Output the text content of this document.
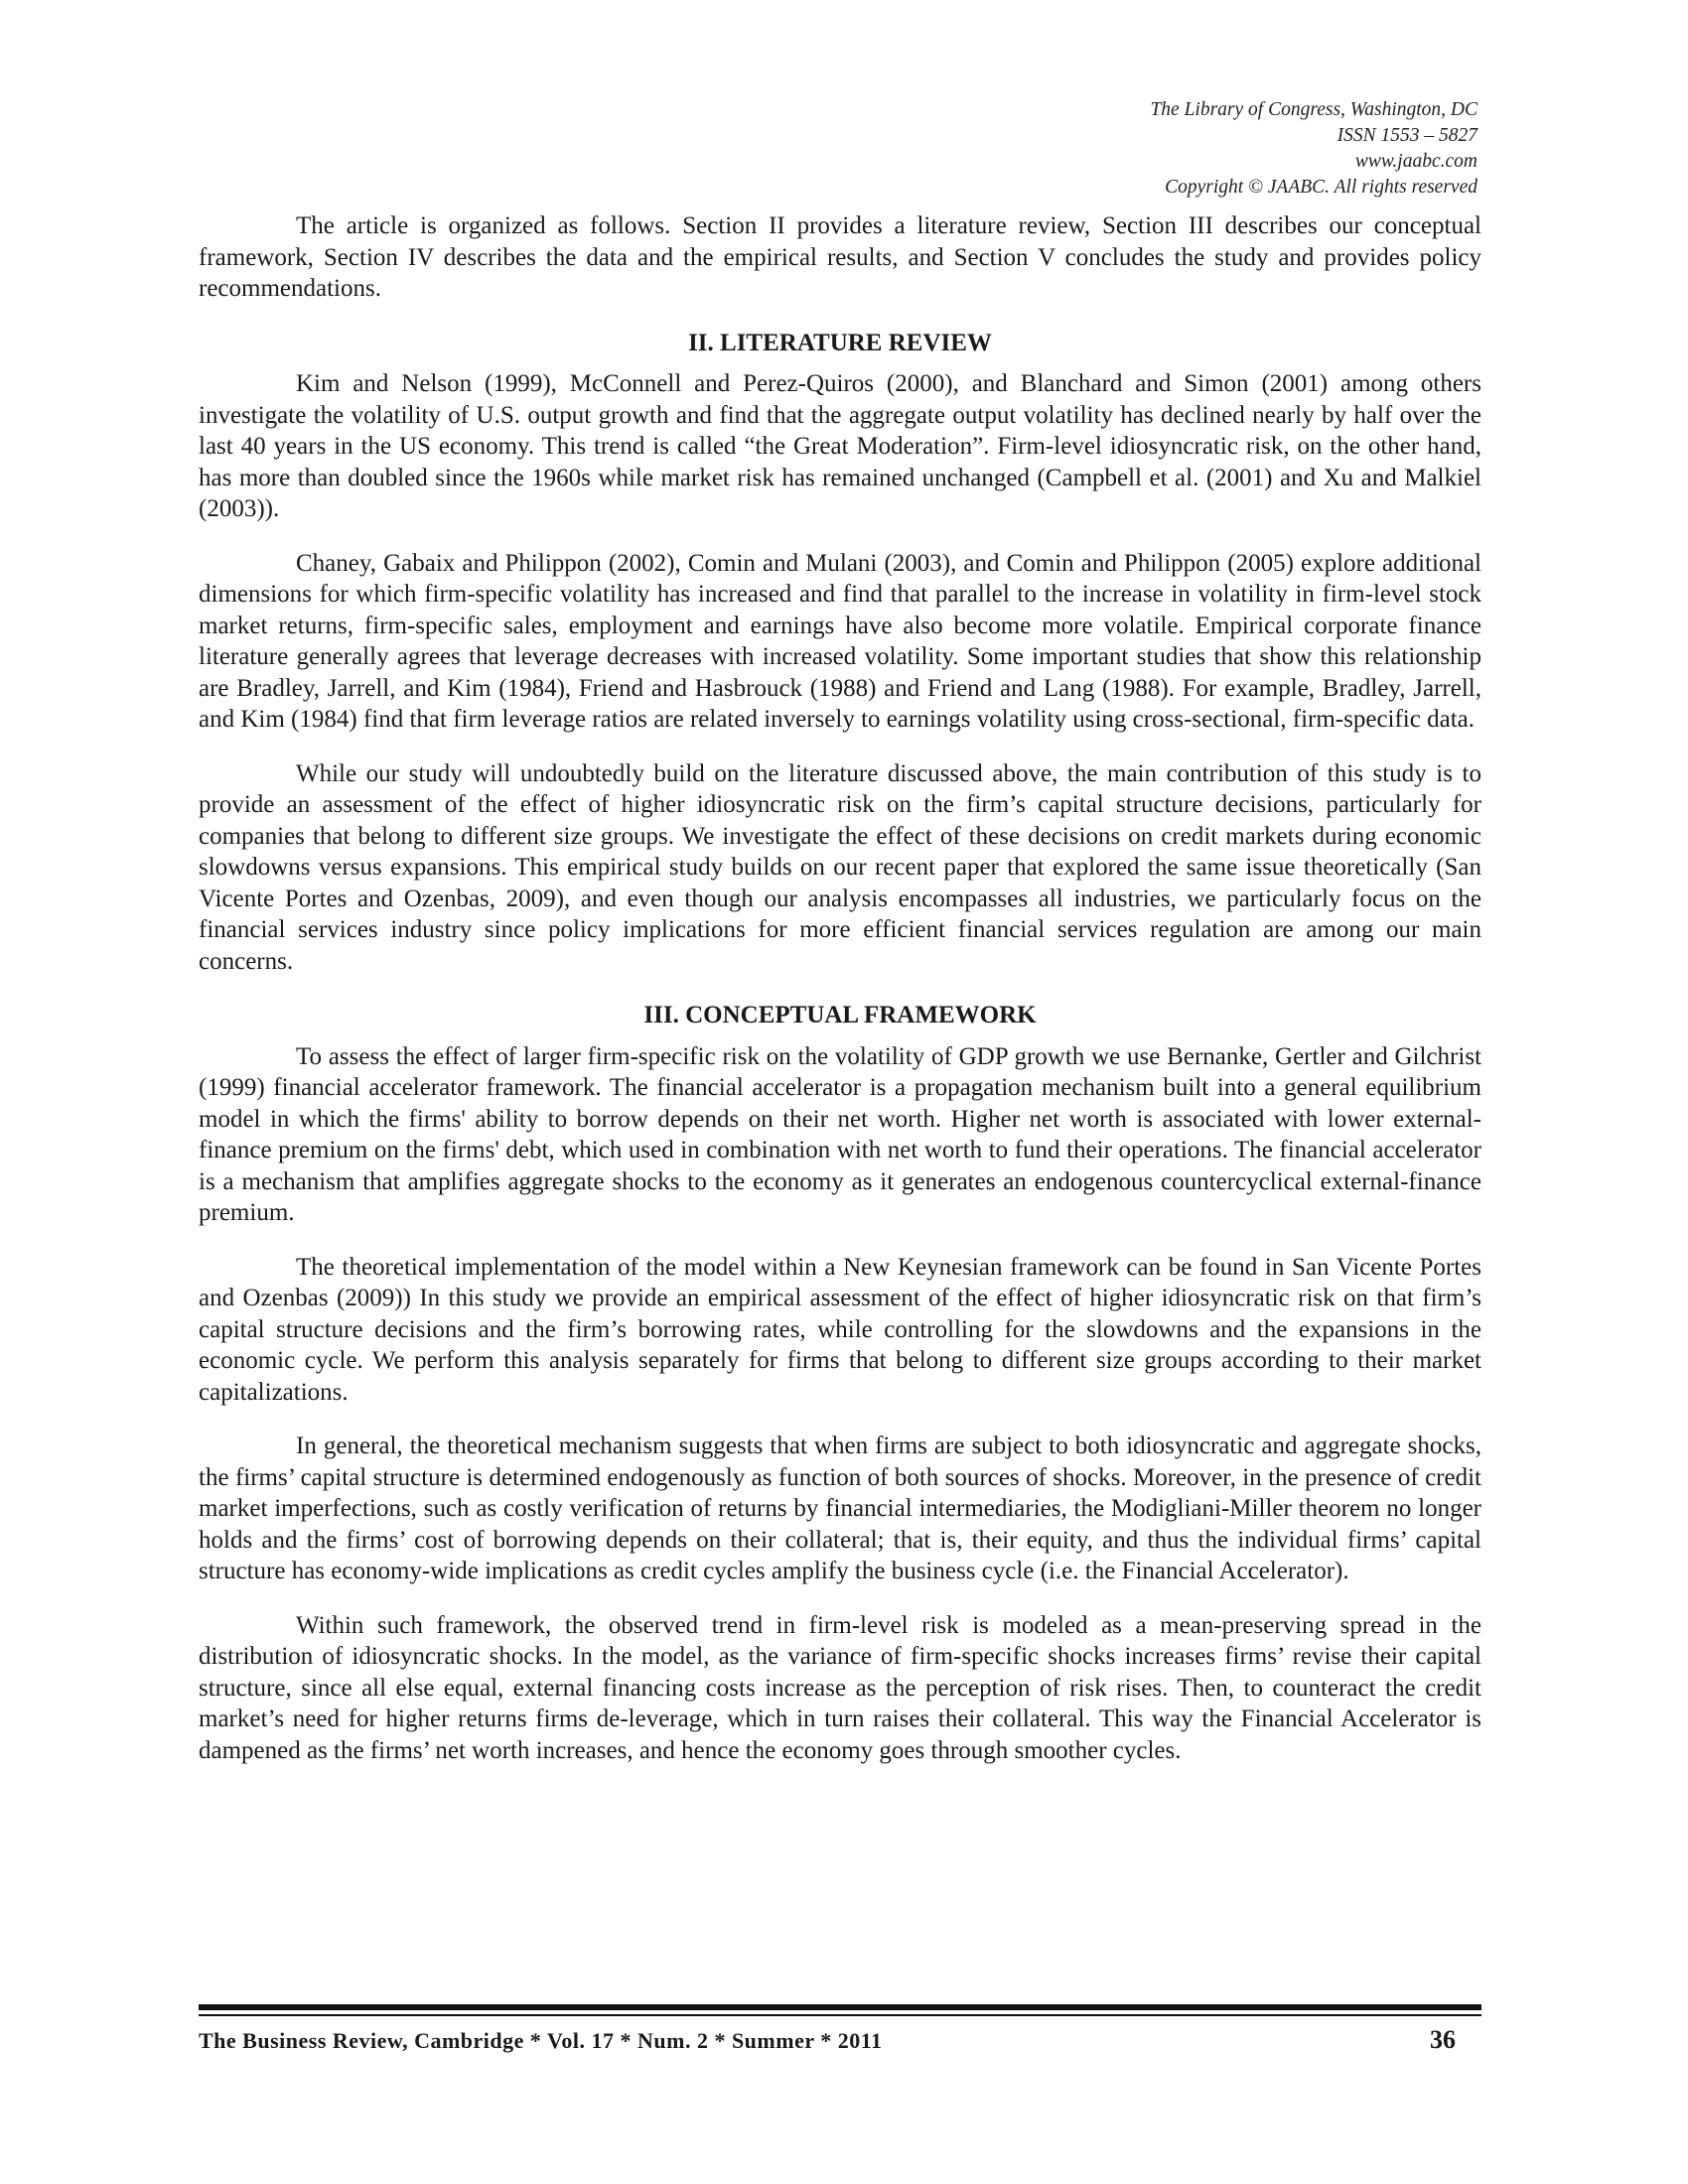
The Library of Congress, Washington, DC
ISSN 1553 – 5827
www.jaabc.com
Copyright © JAABC. All rights reserved

The article is organized as follows. Section II provides a literature review, Section III describes our conceptual framework, Section IV describes the data and the empirical results, and Section V concludes the study and provides policy recommendations.

II. LITERATURE REVIEW

Kim and Nelson (1999), McConnell and Perez-Quiros (2000), and Blanchard and Simon (2001) among others investigate the volatility of U.S. output growth and find that the aggregate output volatility has declined nearly by half over the last 40 years in the US economy. This trend is called “the Great Moderation”. Firm-level idiosyncratic risk, on the other hand, has more than doubled since the 1960s while market risk has remained unchanged (Campbell et al. (2001) and Xu and Malkiel (2003)).

Chaney, Gabaix and Philippon (2002), Comin and Mulani (2003), and Comin and Philippon (2005) explore additional dimensions for which firm-specific volatility has increased and find that parallel to the increase in volatility in firm-level stock market returns, firm-specific sales, employment and earnings have also become more volatile. Empirical corporate finance literature generally agrees that leverage decreases with increased volatility. Some important studies that show this relationship are Bradley, Jarrell, and Kim (1984), Friend and Hasbrouck (1988) and Friend and Lang (1988). For example, Bradley, Jarrell, and Kim (1984) find that firm leverage ratios are related inversely to earnings volatility using cross-sectional, firm-specific data.

While our study will undoubtedly build on the literature discussed above, the main contribution of this study is to provide an assessment of the effect of higher idiosyncratic risk on the firm’s capital structure decisions, particularly for companies that belong to different size groups. We investigate the effect of these decisions on credit markets during economic slowdowns versus expansions. This empirical study builds on our recent paper that explored the same issue theoretically (San Vicente Portes and Ozenbas, 2009), and even though our analysis encompasses all industries, we particularly focus on the financial services industry since policy implications for more efficient financial services regulation are among our main concerns.

III. CONCEPTUAL FRAMEWORK

To assess the effect of larger firm-specific risk on the volatility of GDP growth we use Bernanke, Gertler and Gilchrist (1999) financial accelerator framework. The financial accelerator is a propagation mechanism built into a general equilibrium model in which the firms' ability to borrow depends on their net worth. Higher net worth is associated with lower external-finance premium on the firms' debt, which used in combination with net worth to fund their operations. The financial accelerator is a mechanism that amplifies aggregate shocks to the economy as it generates an endogenous countercyclical external-finance premium.

The theoretical implementation of the model within a New Keynesian framework can be found in San Vicente Portes and Ozenbas (2009)) In this study we provide an empirical assessment of the effect of higher idiosyncratic risk on that firm’s capital structure decisions and the firm’s borrowing rates, while controlling for the slowdowns and the expansions in the economic cycle. We perform this analysis separately for firms that belong to different size groups according to their market capitalizations.

In general, the theoretical mechanism suggests that when firms are subject to both idiosyncratic and aggregate shocks, the firms’ capital structure is determined endogenously as function of both sources of shocks. Moreover, in the presence of credit market imperfections, such as costly verification of returns by financial intermediaries, the Modigliani-Miller theorem no longer holds and the firms’ cost of borrowing depends on their collateral; that is, their equity, and thus the individual firms’ capital structure has economy-wide implications as credit cycles amplify the business cycle (i.e. the Financial Accelerator).

Within such framework, the observed trend in firm-level risk is modeled as a mean-preserving spread in the distribution of idiosyncratic shocks. In the model, as the variance of firm-specific shocks increases firms’ revise their capital structure, since all else equal, external financing costs increase as the perception of risk rises. Then, to counteract the credit market’s need for higher returns firms de-leverage, which in turn raises their collateral. This way the Financial Accelerator is dampened as the firms’ net worth increases, and hence the economy goes through smoother cycles.

The Business Review, Cambridge * Vol. 17 * Num. 2 * Summer * 2011	36
